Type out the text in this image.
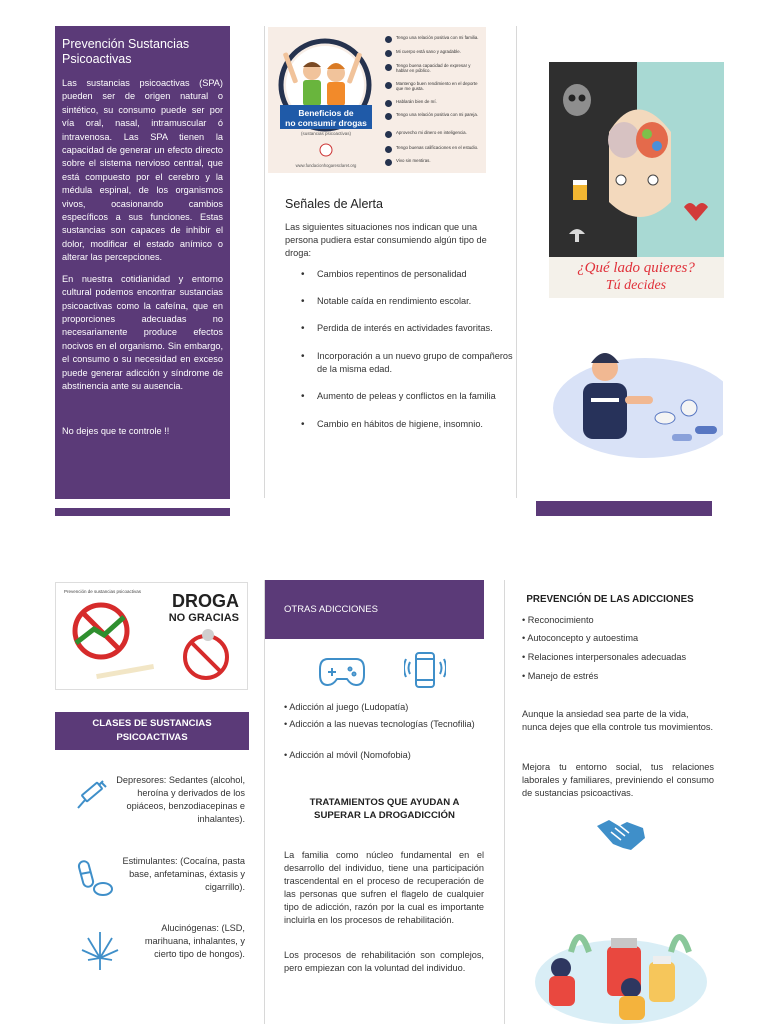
Prevención Sustancias Psicoactivas

Las sustancias psicoactivas (SPA) pueden ser de origen natural o sintético, su consumo puede ser por vía oral, nasal, intramuscular ó intravenosa. Las SPA tienen la capacidad de generar un efecto directo sobre el sistema nervioso central, que está compuesto por el cerebro y la médula espinal, de los organismos vivos, ocasionando cambios específicos a sus funciones. Estas sustancias son capaces de inhibir el dolor, modificar el estado anímico o alterar las percepciones.

En nuestra cotidianidad y entorno cultural podemos encontrar sustancias psicoactivas como la cafeína, que en proporciones adecuadas no necesariamente produce efectos nocivos en el organismo. Sin embargo, el consumo o su necesidad en exceso puede generar adicción y síndrome de abstinencia ante su ausencia.

No dejes que te controle !!

Beneficios de
no consumir drogas
(sustancias psicoactivas)
www.fundacionhogaresclaret.org
Tengo una relación positiva con mi familia.
Mi cuerpo está sano y agradable.
Tengo buena capacidad de expresar y hablar en público.
Mantengo buen rendimiento en el deporte que me gusta.
Hablarán bien de mí.
Tengo una relación positiva con mi pareja.
Aprovecho mi dinero en inteligencia.
Tengo buenas calificaciones en el estudio.
Vivo sin mentiras.
Señales de Alerta

Las siguientes situaciones nos indican que una persona pudiera estar consumiendo algún tipo de droga:

• Cambios repentinos de personalidad
• Notable caída en rendimiento escolar.
• Perdida de interés en actividades favoritas.
• Incorporación a un nuevo grupo de compañeros de la misma edad.
• Aumento de peleas y conflictos en la familia
• Cambio en hábitos de higiene, insomnio.
¿Qué lado quieres?
Tú decides
Prevención de sustancias psicoactivas DROGA
NO GRACIAS
CLASES DE SUSTANCIAS PSICOACTIVAS
Depresores: Sedantes (alcohol, heroína y derivados de los opiáceos, benzodiacepinas e inhalantes).
Estimulantes: (Cocaína, pasta base, anfetaminas, éxtasis y cigarrillo).
Alucinógenas: (LSD, marihuana, inhalantes, y cierto tipo de hongos).
OTRAS ADICCIONES
• Adicción al juego (Ludopatía)
• Adicción a las nuevas tecnologías (Tecnofilia)
• Adicción al móvil (Nomofobia)
TRATAMIENTOS QUE AYUDAN A SUPERAR LA DROGADICCIÓN
La familia como núcleo fundamental en el desarrollo del individuo, tiene una participación trascendental en el proceso de recuperación de las personas que sufren el flagelo de cualquier tipo de adicción, razón por la cual es importante incluirla en los procesos de rehabilitación.
Los procesos de rehabilitación son complejos, pero empiezan con la voluntad del individuo.
PREVENCIÓN DE LAS ADICCIONES
• Reconocimiento
• Autoconcepto y autoestima
• Relaciones interpersonales adecuadas
• Manejo de estrés
Aunque la ansiedad sea parte de la vida, nunca dejes que ella controle tus movimientos.
Mejora tu entorno social, tus relaciones laborales y familiares, previniendo el consumo de sustancias psicoactivas.
